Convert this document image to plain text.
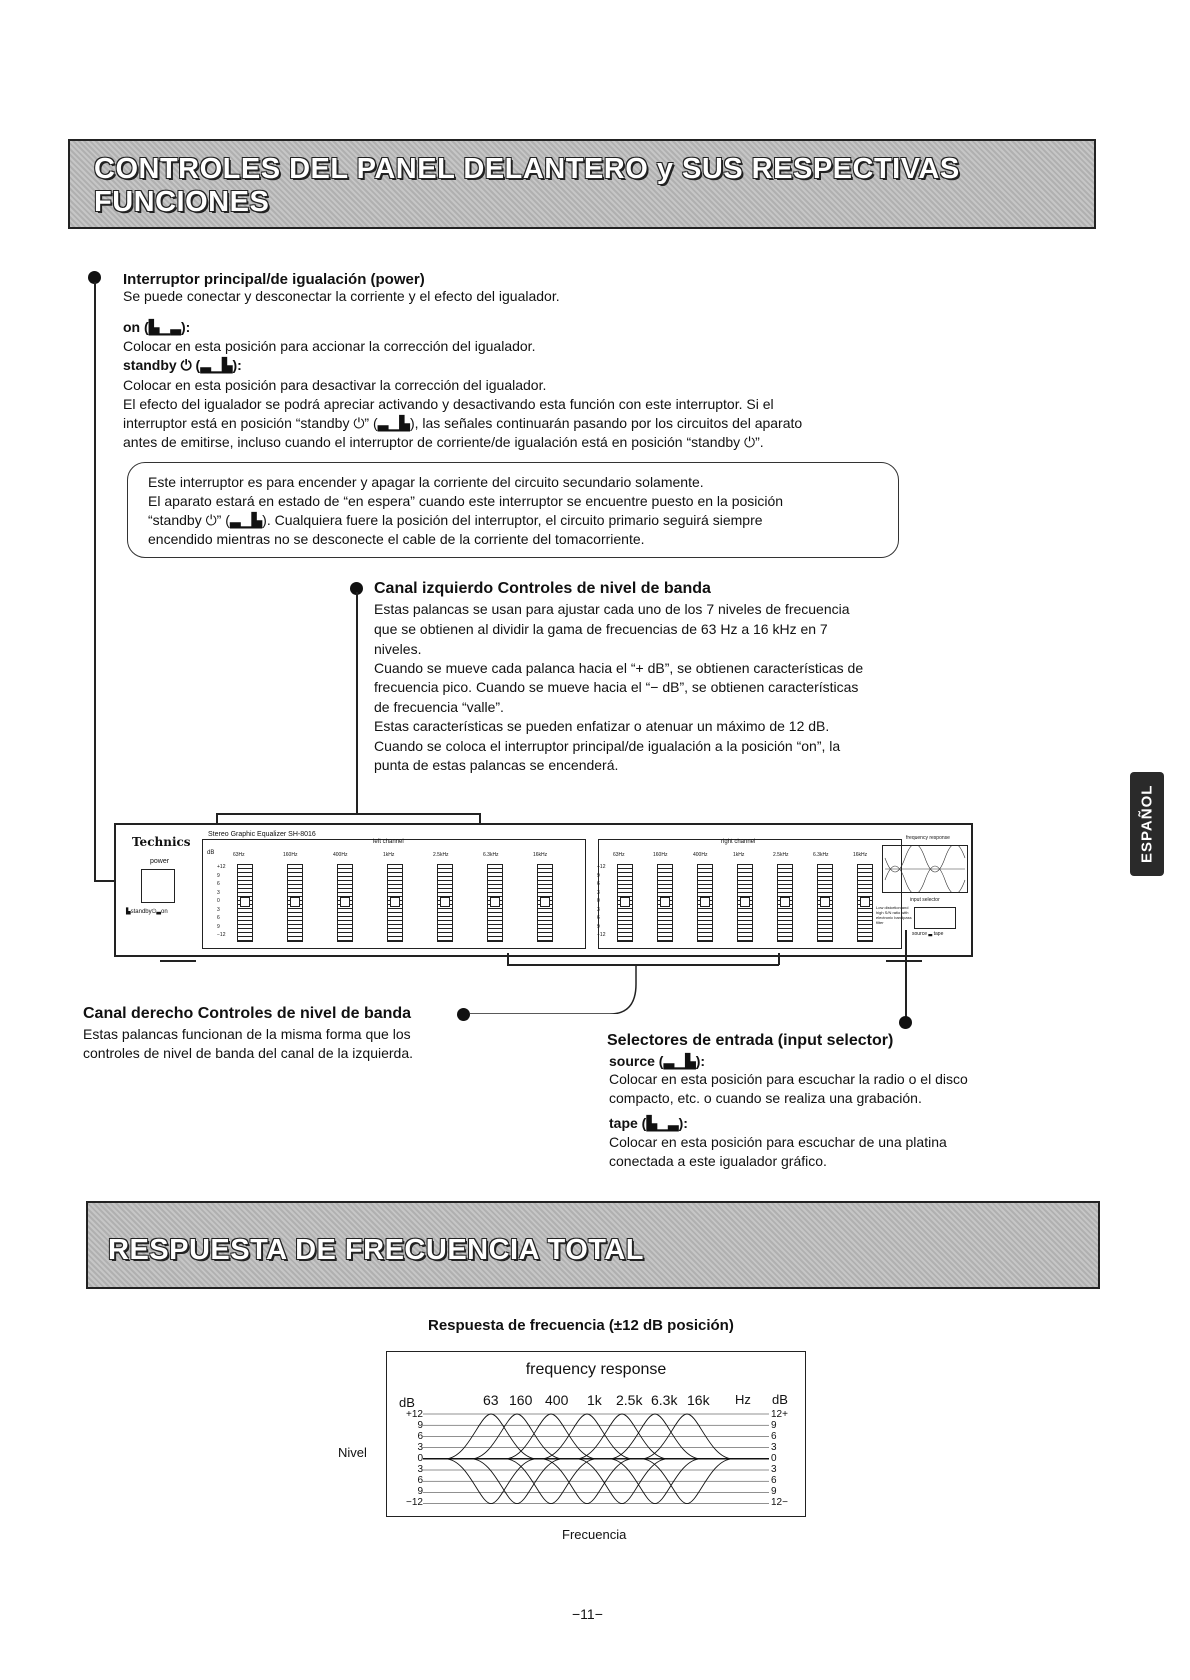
CONTROLES DEL PANEL DELANTERO y SUS RESPECTIVAS
FUNCIONES
Interruptor principal/de igualación (power)
Se puede conectar y desconectar la corriente y el efecto del igualador.
on (▙▁▃):
Colocar en esta posición para accionar la corrección del igualador.
standby ⏻ (▃▁▙):
Colocar en esta posición para desactivar la corrección del igualador.
El efecto del igualador se podrá apreciar activando y desactivando esta función con este interruptor. Si el
interruptor está en posición “standby ⏻” (▃▁▙), las señales continuarán pasando por los circuitos del aparato
antes de emitirse, incluso cuando el interruptor de corriente/de igualación está en posición “standby ⏻”.
Este interruptor es para encender y apagar la corriente del circuito secundario solamente.
El aparato estará en estado de “en espera” cuando este interruptor se encuentre puesto en la posición
“standby ⏻” (▃▁▙). Cualquiera fuere la posición del interruptor, el circuito primario seguirá siempre
encendido mientras no se desconecte el cable de la corriente del tomacorriente.
Canal izquierdo Controles de nivel de banda
Estas palancas se usan para ajustar cada uno de los 7 niveles de frecuencia
que se obtienen al dividir la gama de frecuencias de 63 Hz a 16 kHz en 7
niveles.
Cuando se mueve cada palanca hacia el “+ dB”, se obtienen características de
frecuencia pico. Cuando se mueve hacia el “− dB”, se obtienen características
de frecuencia “valle”.
Estas características se pueden enfatizar o atenuar un máximo de 12 dB.
Cuando se coloca el interruptor principal/de igualación a la posición “on”, la
punta de estas palancas se encenderá.
Technics
Stereo Graphic Equalizer SH-8016
power
▙standby⏻▃on
left channel
dB	63Hz	160Hz	400Hz	1kHz	2.5kHz	6.3kHz	16kHz
+12
9
6
3
0
3
6
9
−12
right channel
63Hz	160Hz	400Hz	1kHz	2.5kHz	6.3kHz	16kHz
+12
9
6
3
0
3
6
9
−12
frequency response
input selector
Low distortion and high S/N ratio with electronic bandpass filter
source ▃ tape
Canal derecho Controles de nivel de banda
Estas palancas funcionan de la misma forma que los
controles de nivel de banda del canal de la izquierda.
Selectores de entrada (input selector)
source (▃▁▙):
Colocar en esta posición para escuchar la radio o el disco
compacto, etc. o cuando se realiza una grabación.
tape (▙▁▃):
Colocar en esta posición para escuchar de una platina
conectada a este igualador gráfico.
ESPAÑOL
RESPUESTA DE FRECUENCIA TOTAL
Respuesta de frecuencia (±12 dB posición)
Nivel
frequency response
63 160 400 1k 2.5k 6.3k 16k Hz
dB	dB
+12
9
6
3
0
3
6
9
−12
12+
9
6
3
0
3
6
9
12−
Frecuencia
−11−
